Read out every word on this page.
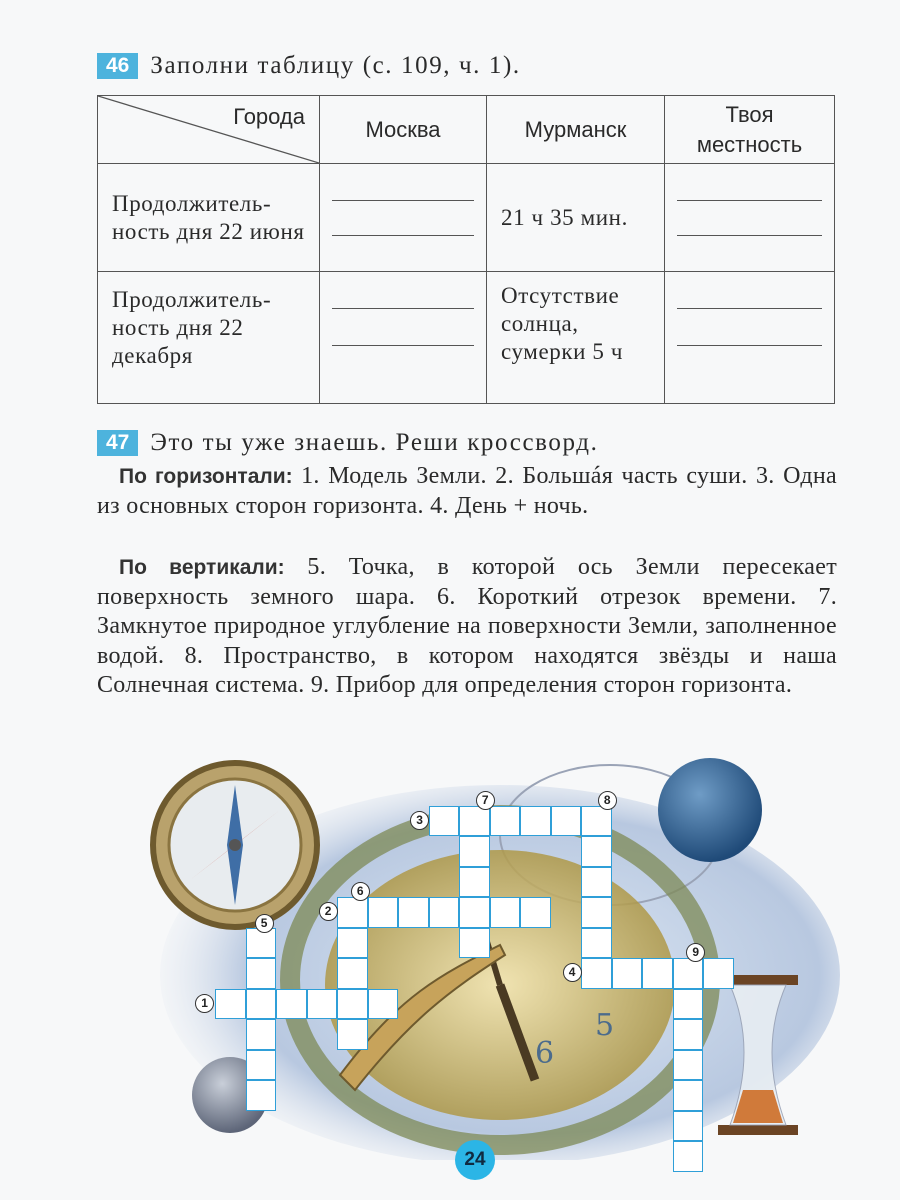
46 Заполни таблицу (с. 109, ч. 1).
Города	Москва	Мурманск	Твоя местность
Продолжитель-ность дня 22 июня		21 ч 35 мин.	

Продолжитель-ность дня 22 декабря		Отсутствие солнца, сумерки 5 ч	
47 Это ты уже знаешь. Реши кроссворд.
По горизонтали: 1. Модель Земли. 2. Большáя часть суши. 3. Одна из основных сторон горизонта. 4. День + ночь.
По вертикали: 5. Точка, в которой ось Земли пересекает поверхность земного шара. 6. Короткий отрезок времени. 7. Замкнутое природное углубление на поверхности Земли, заполненное водой. 8. Пространство, в котором находятся звёзды и наша Солнечная система. 9. Прибор для определения сторон горизонта.
5
6
1
2
3
4
5
6
7	8
9
24
